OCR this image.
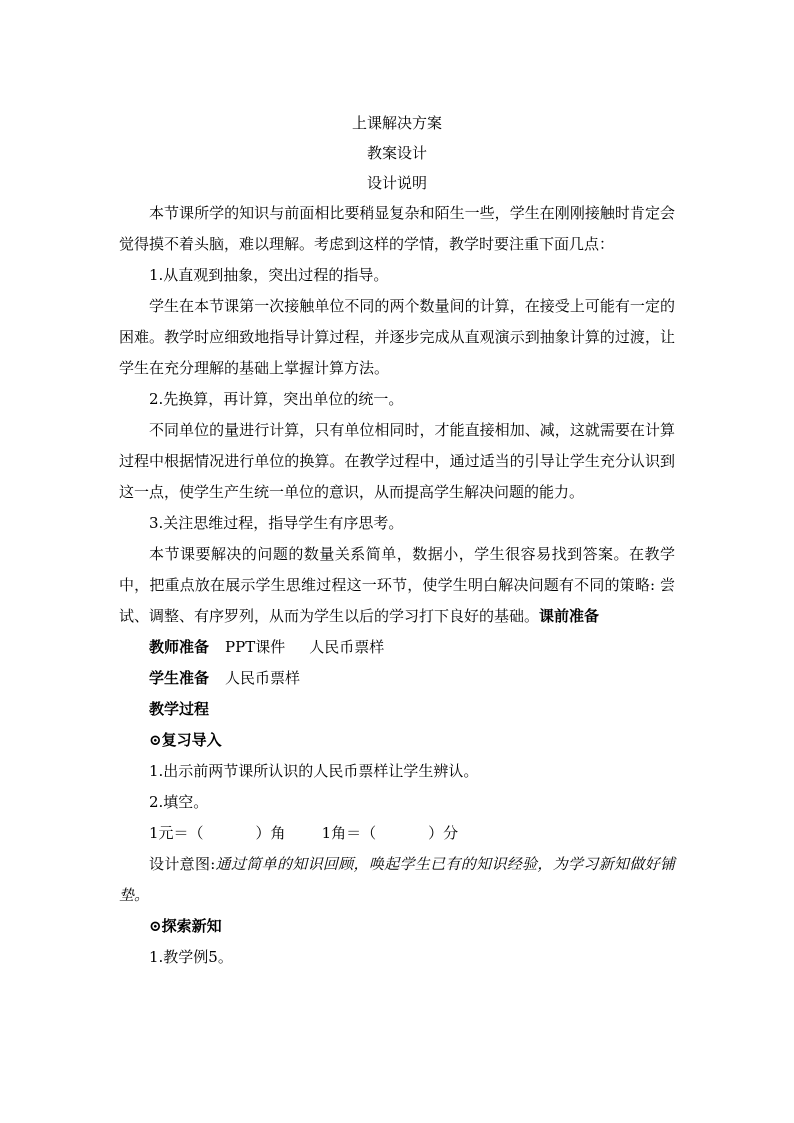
上课解决方案

教案设计

设计说明

本节课所学的知识与前面相比要稍显复杂和陌生一些，学生在刚刚接触时肯定会觉得摸不着头脑，难以理解。考虑到这样的学情，教学时要注重下面几点：

1.从直观到抽象，突出过程的指导。

学生在本节课第一次接触单位不同的两个数量间的计算，在接受上可能有一定的困难。教学时应细致地指导计算过程，并逐步完成从直观演示到抽象计算的过渡，让学生在充分理解的基础上掌握计算方法。

2.先换算，再计算，突出单位的统一。

不同单位的量进行计算，只有单位相同时，才能直接相加、减，这就需要在计算过程中根据情况进行单位的换算。在教学过程中，通过适当的引导让学生充分认识到这一点，使学生产生统一单位的意识，从而提高学生解决问题的能力。

3.关注思维过程，指导学生有序思考。

本节课要解决的问题的数量关系简单，数据小，学生很容易找到答案。在教学中，把重点放在展示学生思维过程这一环节，使学生明白解决问题有不同的策略: 尝试、调整、有序罗列，从而为学生以后的学习打下良好的基础。课前准备

教师准备 PPT课件 人民币票样

学生准备 人民币票样

教学过程

⊙复习导入

1.出示前两节课所认识的人民币票样让学生辨认。

2.填空。

1元＝（	）角 1角＝（	）分

设计意图:通过简单的知识回顾，唤起学生已有的知识经验，为学习新知做好铺垫。

⊙探索新知

1.教学例5。
